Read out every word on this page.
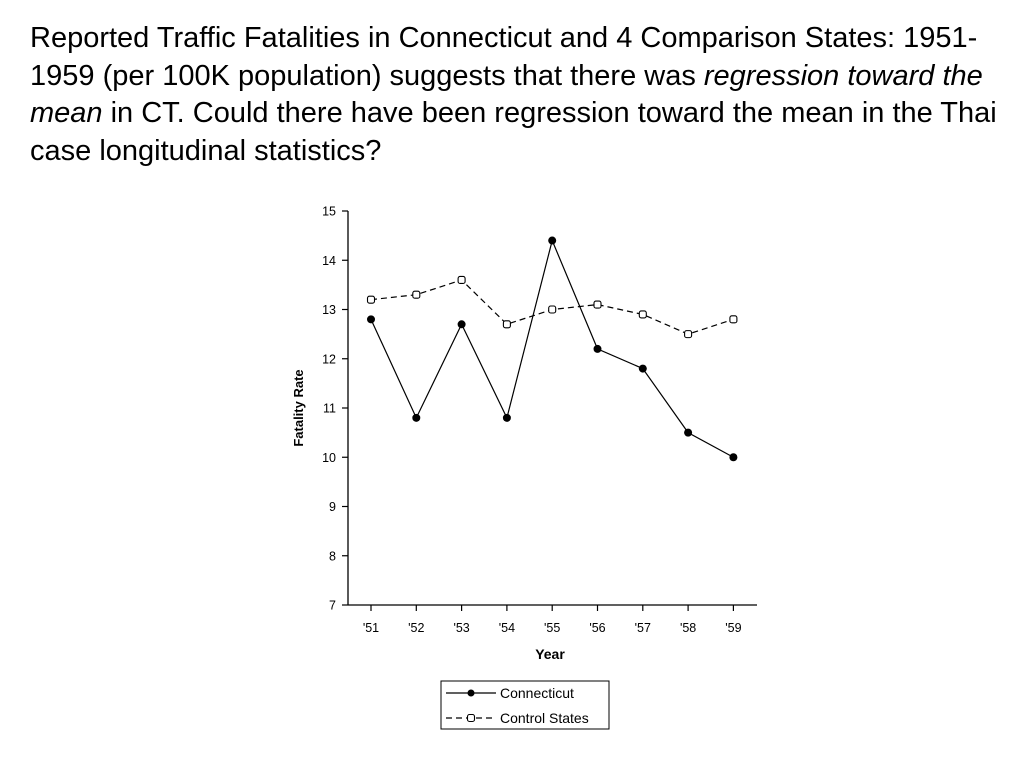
Reported Traffic Fatalities in Connecticut and 4 Comparison States: 1951-1959 (per 100K population) suggests that there was regression toward the mean in CT. Could there have been regression toward the mean in the Thai case longitudinal statistics?

7
8
9
10
11
12
13
14
15
'51 '52 '53 '54 '55 '56 '57 '58 '59
Connecticut
Control States
Fatality Rate
Year
